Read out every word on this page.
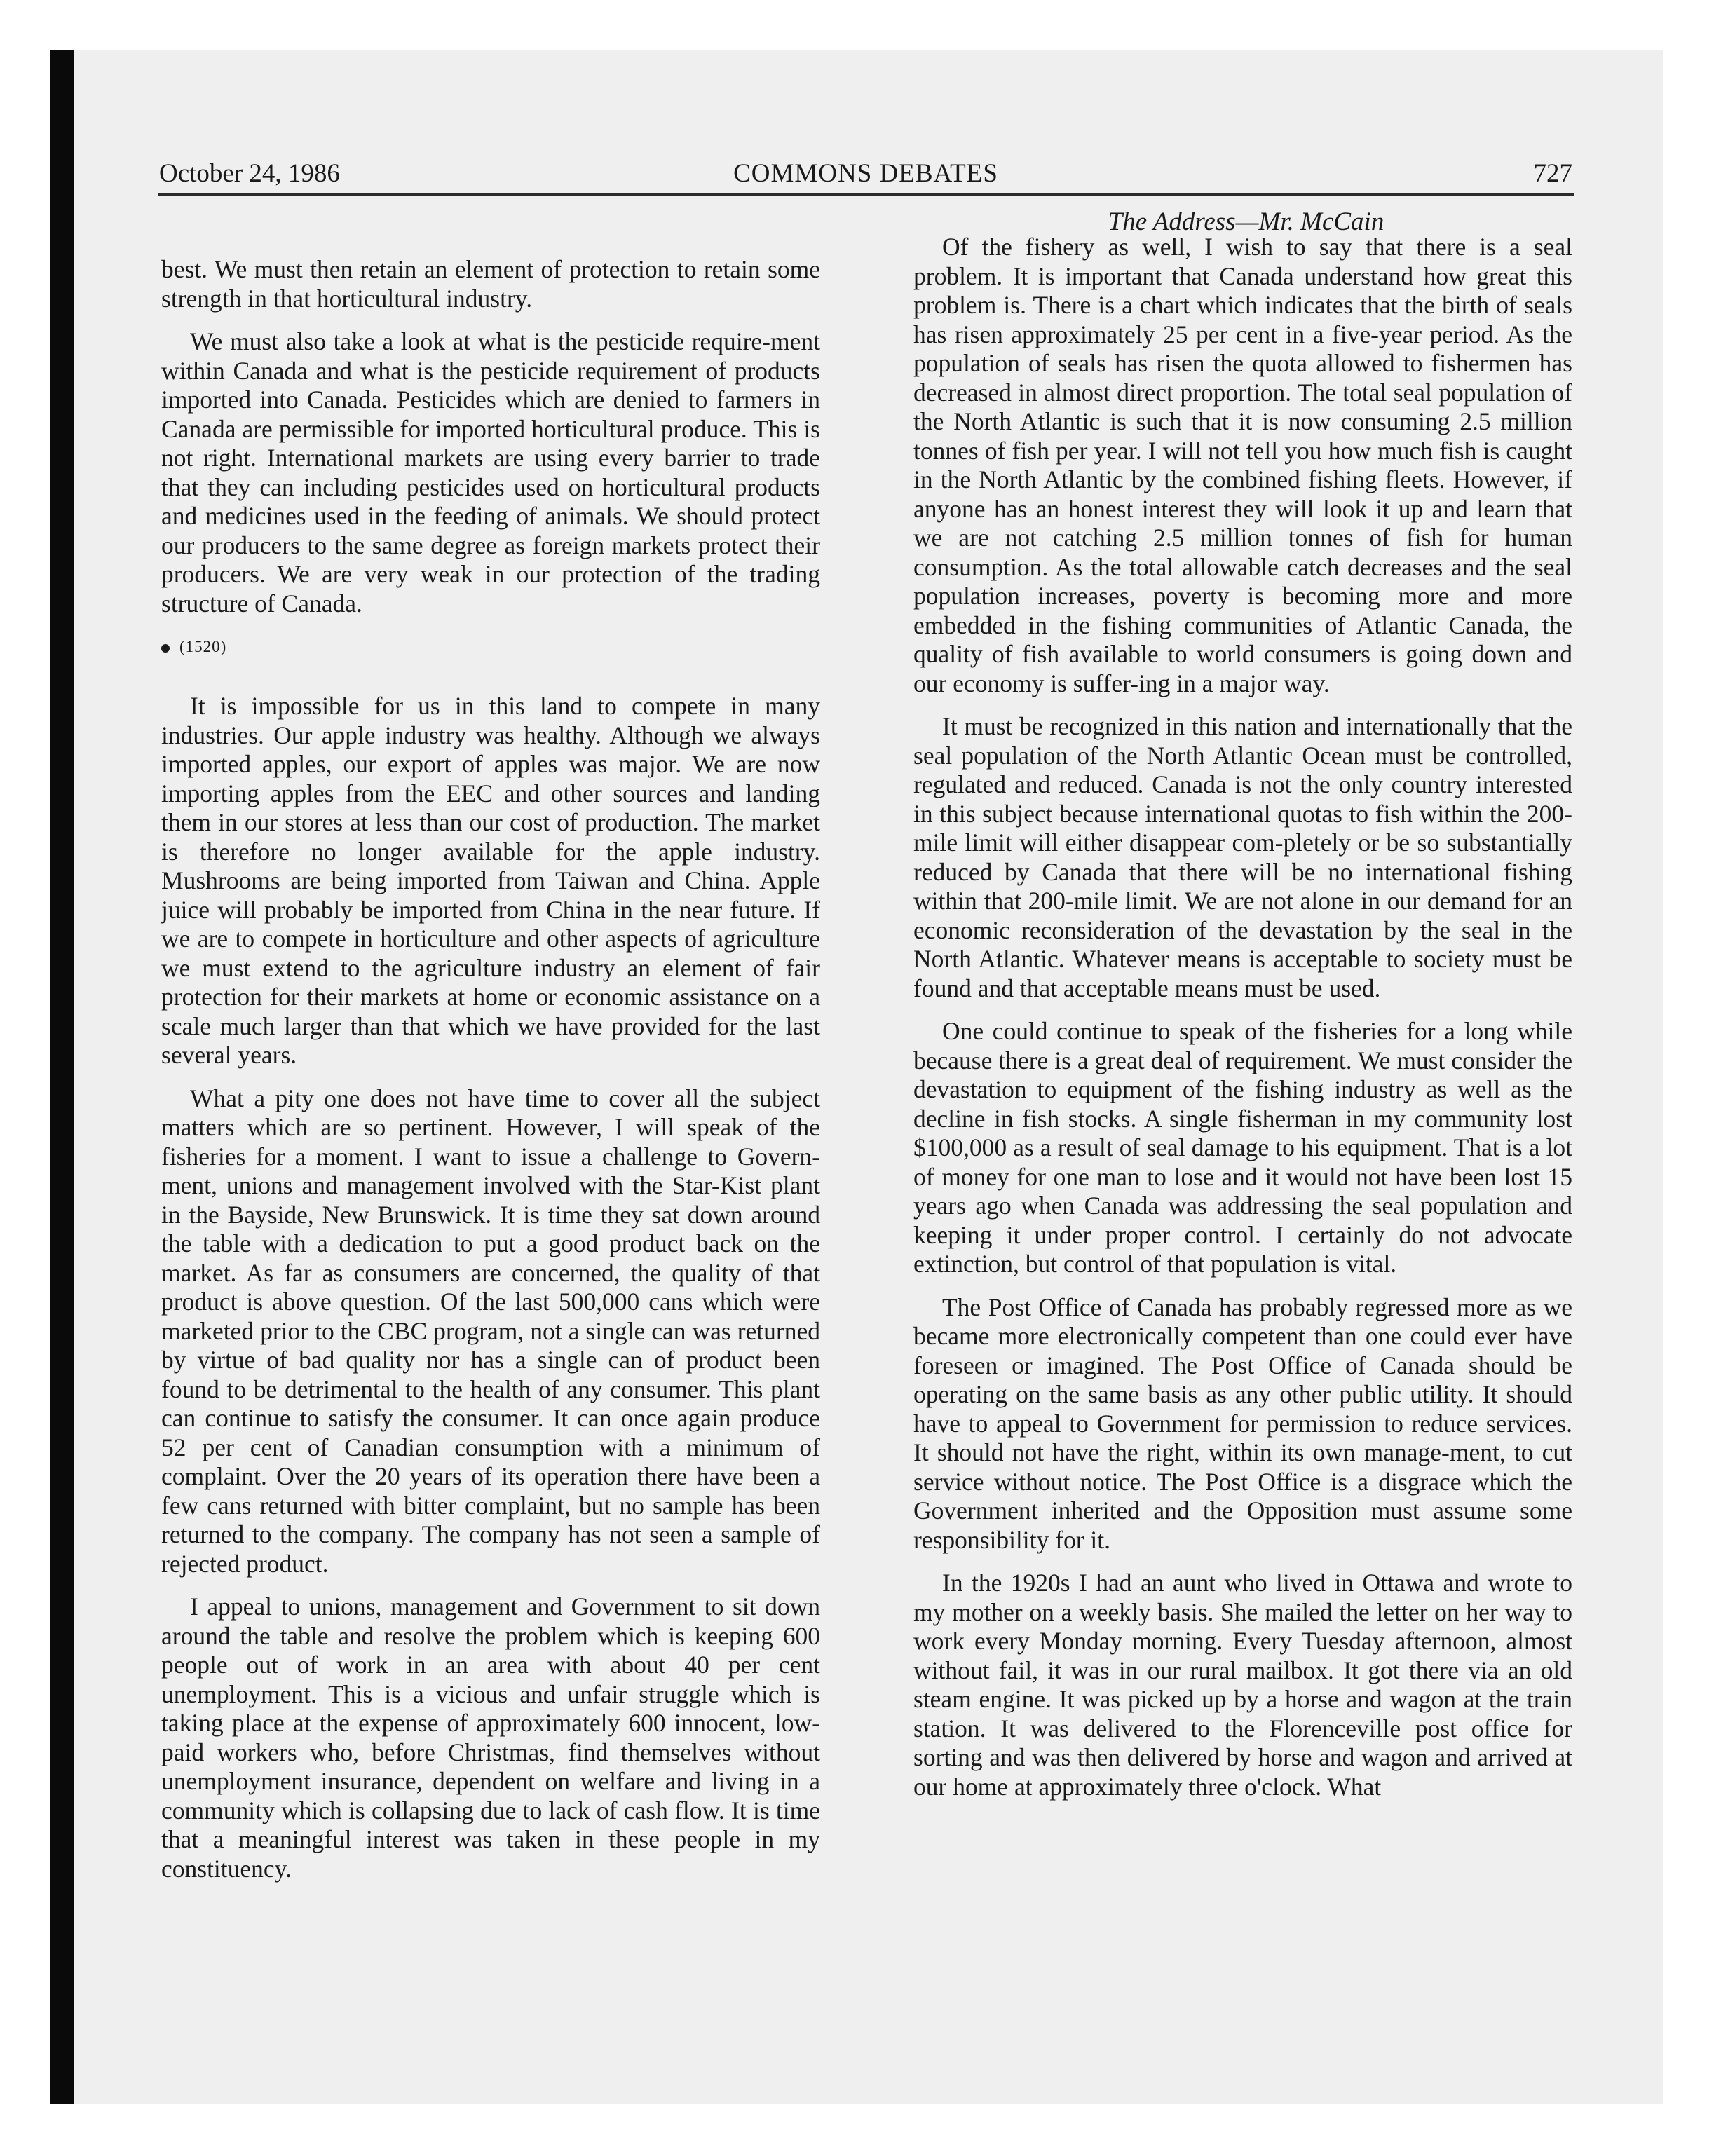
October 24, 1986	COMMONS DEBATES	727
The Address—Mr. McCain

best. We must then retain an element of protection to retain some strength in that horticultural industry.

We must also take a look at what is the pesticide require-ment within Canada and what is the pesticide requirement of products imported into Canada. Pesticides which are denied to farmers in Canada are permissible for imported horticultural produce. This is not right. International markets are using every barrier to trade that they can including pesticides used on horticultural products and medicines used in the feeding of animals. We should protect our producers to the same degree as foreign markets protect their producers. We are very weak in our protection of the trading structure of Canada.

(1520)

It is impossible for us in this land to compete in many industries. Our apple industry was healthy. Although we always imported apples, our export of apples was major. We are now importing apples from the EEC and other sources and landing them in our stores at less than our cost of production. The market is therefore no longer available for the apple industry. Mushrooms are being imported from Taiwan and China. Apple juice will probably be imported from China in the near future. If we are to compete in horticulture and other aspects of agriculture we must extend to the agriculture industry an element of fair protection for their markets at home or economic assistance on a scale much larger than that which we have provided for the last several years.

What a pity one does not have time to cover all the subject matters which are so pertinent. However, I will speak of the fisheries for a moment. I want to issue a challenge to Govern-ment, unions and management involved with the Star-Kist plant in the Bayside, New Brunswick. It is time they sat down around the table with a dedication to put a good product back on the market. As far as consumers are concerned, the quality of that product is above question. Of the last 500,000 cans which were marketed prior to the CBC program, not a single can was returned by virtue of bad quality nor has a single can of product been found to be detrimental to the health of any consumer. This plant can continue to satisfy the consumer. It can once again produce 52 per cent of Canadian consumption with a minimum of complaint. Over the 20 years of its operation there have been a few cans returned with bitter complaint, but no sample has been returned to the company. The company has not seen a sample of rejected product.

I appeal to unions, management and Government to sit down around the table and resolve the problem which is keeping 600 people out of work in an area with about 40 per cent unemployment. This is a vicious and unfair struggle which is taking place at the expense of approximately 600 innocent, low-paid workers who, before Christmas, find themselves without unemployment insurance, dependent on welfare and living in a community which is collapsing due to lack of cash flow. It is time that a meaningful interest was taken in these people in my constituency.

Of the fishery as well, I wish to say that there is a seal problem. It is important that Canada understand how great this problem is. There is a chart which indicates that the birth of seals has risen approximately 25 per cent in a five-year period. As the population of seals has risen the quota allowed to fishermen has decreased in almost direct proportion. The total seal population of the North Atlantic is such that it is now consuming 2.5 million tonnes of fish per year. I will not tell you how much fish is caught in the North Atlantic by the combined fishing fleets. However, if anyone has an honest interest they will look it up and learn that we are not catching 2.5 million tonnes of fish for human consumption. As the total allowable catch decreases and the seal population increases, poverty is becoming more and more embedded in the fishing communities of Atlantic Canada, the quality of fish available to world consumers is going down and our economy is suffer-ing in a major way.

It must be recognized in this nation and internationally that the seal population of the North Atlantic Ocean must be controlled, regulated and reduced. Canada is not the only country interested in this subject because international quotas to fish within the 200-mile limit will either disappear com-pletely or be so substantially reduced by Canada that there will be no international fishing within that 200-mile limit. We are not alone in our demand for an economic reconsideration of the devastation by the seal in the North Atlantic. Whatever means is acceptable to society must be found and that acceptable means must be used.

One could continue to speak of the fisheries for a long while because there is a great deal of requirement. We must consider the devastation to equipment of the fishing industry as well as the decline in fish stocks. A single fisherman in my community lost $100,000 as a result of seal damage to his equipment. That is a lot of money for one man to lose and it would not have been lost 15 years ago when Canada was addressing the seal population and keeping it under proper control. I certainly do not advocate extinction, but control of that population is vital.

The Post Office of Canada has probably regressed more as we became more electronically competent than one could ever have foreseen or imagined. The Post Office of Canada should be operating on the same basis as any other public utility. It should have to appeal to Government for permission to reduce services. It should not have the right, within its own manage-ment, to cut service without notice. The Post Office is a disgrace which the Government inherited and the Opposition must assume some responsibility for it.

In the 1920s I had an aunt who lived in Ottawa and wrote to my mother on a weekly basis. She mailed the letter on her way to work every Monday morning. Every Tuesday afternoon, almost without fail, it was in our rural mailbox. It got there via an old steam engine. It was picked up by a horse and wagon at the train station. It was delivered to the Florenceville post office for sorting and was then delivered by horse and wagon and arrived at our home at approximately three o'clock. What
